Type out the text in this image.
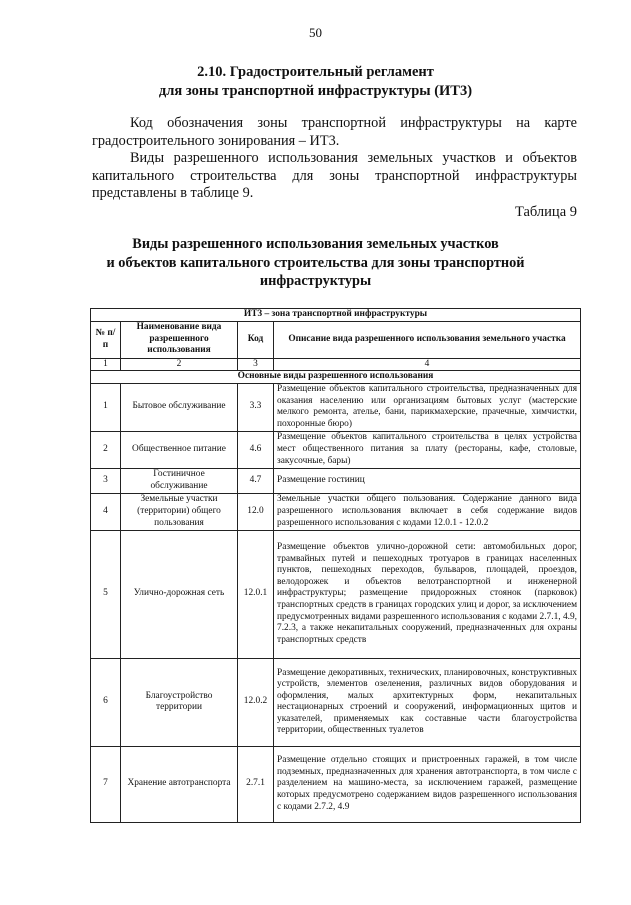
50
2.10. Градостроительный регламент
для зоны транспортной инфраструктуры (ИТ3)

Код обозначения зоны транспортной инфраструктуры на карте градостроительного зонирования – ИТ3.

Виды разрешенного использования земельных участков и объектов капитального строительства для зоны транспортной инфраструктуры представлены в таблице 9.

Таблица 9
Виды разрешенного использования земельных участков
и объектов капитального строительства для зоны транспортной
инфраструктуры
ИТ3 – зона транспортной инфраструктуры			
№ п/п	Наименование вида разрешенного использования	Код	Описание вида разрешенного использования земельного участка
1	2	3	4
Основные виды разрешенного использования			
1	Бытовое обслуживание	3.3	Размещение объектов капитального строительства, предназначенных для оказания населению или организациям бытовых услуг (мастерские мелкого ремонта, ателье, бани, парикмахерские, прачечные, химчистки, похоронные бюро)
2	Общественное питание	4.6	Размещение объектов капитального строительства в целях устройства мест общественного питания за плату (рестораны, кафе, столовые, закусочные, бары)
3	Гостиничное обслуживание	4.7	Размещение гостиниц
4	Земельные участки (территории) общего пользования	12.0	Земельные участки общего пользования. Содержание данного вида разрешенного использования включает в себя содержание видов разрешенного использования с кодами 12.0.1 - 12.0.2
5	Улично-дорожная сеть	12.0.1	Размещение объектов улично-дорожной сети: автомобильных дорог, трамвайных путей и пешеходных тротуаров в границах населенных пунктов, пешеходных переходов, бульваров, площадей, проездов, велодорожек и объектов велотранспортной и инженерной инфраструктуры; размещение придорожных стоянок (парковок) транспортных средств в границах городских улиц и дорог, за исключением предусмотренных видами разрешенного использования с кодами 2.7.1, 4.9, 7.2.3, а также некапитальных сооружений, предназначенных для охраны транспортных средств
6	Благоустройство территории	12.0.2	Размещение декоративных, технических, планировочных, конструктивных устройств, элементов озеленения, различных видов оборудования и оформления, малых архитектурных форм, некапитальных нестационарных строений и сооружений, информационных щитов и указателей, применяемых как составные части благоустройства территории, общественных туалетов
7	Хранение автотранспорта	2.7.1	Размещение отдельно стоящих и пристроенных гаражей, в том числе подземных, предназначенных для хранения автотранспорта, в том числе с разделением на машино-места, за исключением гаражей, размещение которых предусмотрено содержанием видов разрешенного использования с кодами 2.7.2, 4.9
